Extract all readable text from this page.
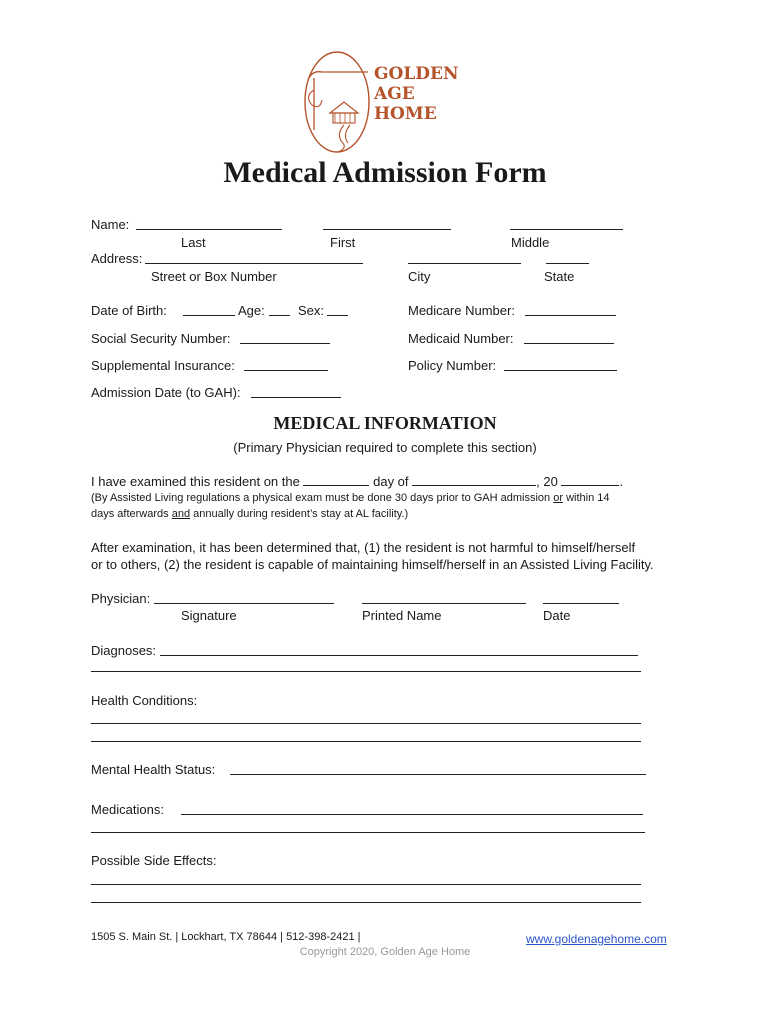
GOLDEN
AGE
HOME
Medical Admission Form
Name:
Last	First	Middle
Address:
Street or Box Number	City	State
Date of Birth:	Age:	Sex:	Medicare Number:
Social Security Number:	Medicaid Number:
Supplemental Insurance:	Policy Number:
Admission Date (to GAH):
MEDICAL INFORMATION
(Primary Physician required to complete this section)
I have examined this resident on the	day of	, 20	.
(By Assisted Living regulations a physical exam must be done 30 days prior to GAH admission or within 14
days afterwards and annually during resident’s stay at AL facility.)
After examination, it has been determined that, (1) the resident is not harmful to himself/herself
or to others, (2) the resident is capable of maintaining himself/herself in an Assisted Living Facility.
Physician:
Signature	Printed Name	Date
Diagnoses:
Health Conditions:
Mental Health Status:
Medications:
Possible Side Effects:
1505 S. Main St. | Lockhart, TX 78644 | 512-398-2421 |	www.goldenagehome.com
Copyright 2020, Golden Age Home
